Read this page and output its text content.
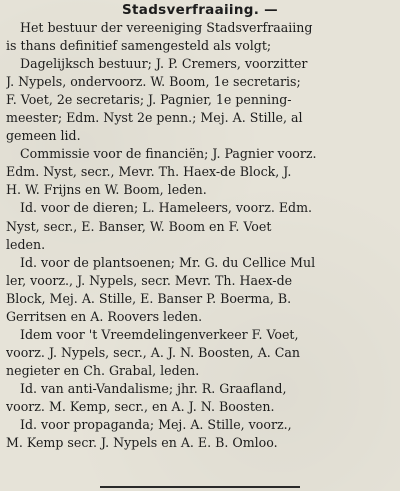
Stadsverfraaiing. —

Het bestuur der vereeniging Stadsverfraaiing
is thans definitief samengesteld als volgt;

Dagelijksch bestuur; J. P. Cremers, voorzitter
J. Nypels, ondervoorz. W. Boom, 1e secretaris;
F. Voet, 2e secretaris; J. Pagnier, 1e penning-
meester; Edm. Nyst 2e penn.; Mej. A. Stille, al
gemeen lid.

Commissie voor de financiën; J. Pagnier voorz.
Edm. Nyst, secr., Mevr. Th. Haex-de Block, J.
H. W. Frijns en W. Boom, leden.

Id. voor de dieren; L. Hameleers, voorz. Edm.
Nyst, secr., E. Banser, W. Boom en F. Voet
leden.

Id. voor de plantsoenen; Mr. G. du Cellice Mul
ler, voorz., J. Nypels, secr. Mevr. Th. Haex-de
Block, Mej. A. Stille, E. Banser P. Boerma, B.
Gerritsen en A. Roovers leden.

Idem voor 't Vreemdelingenverkeer F. Voet,
voorz. J. Nypels, secr., A. J. N. Boosten, A. Can
negieter en Ch. Grabal, leden.

Id. van anti-Vandalisme; jhr. R. Graafland,
voorz. M. Kemp, secr., en A. J. N. Boosten.

Id. voor propaganda; Mej. A. Stille, voorz.,
M. Kemp secr. J. Nypels en A. E. B. Omloo.
